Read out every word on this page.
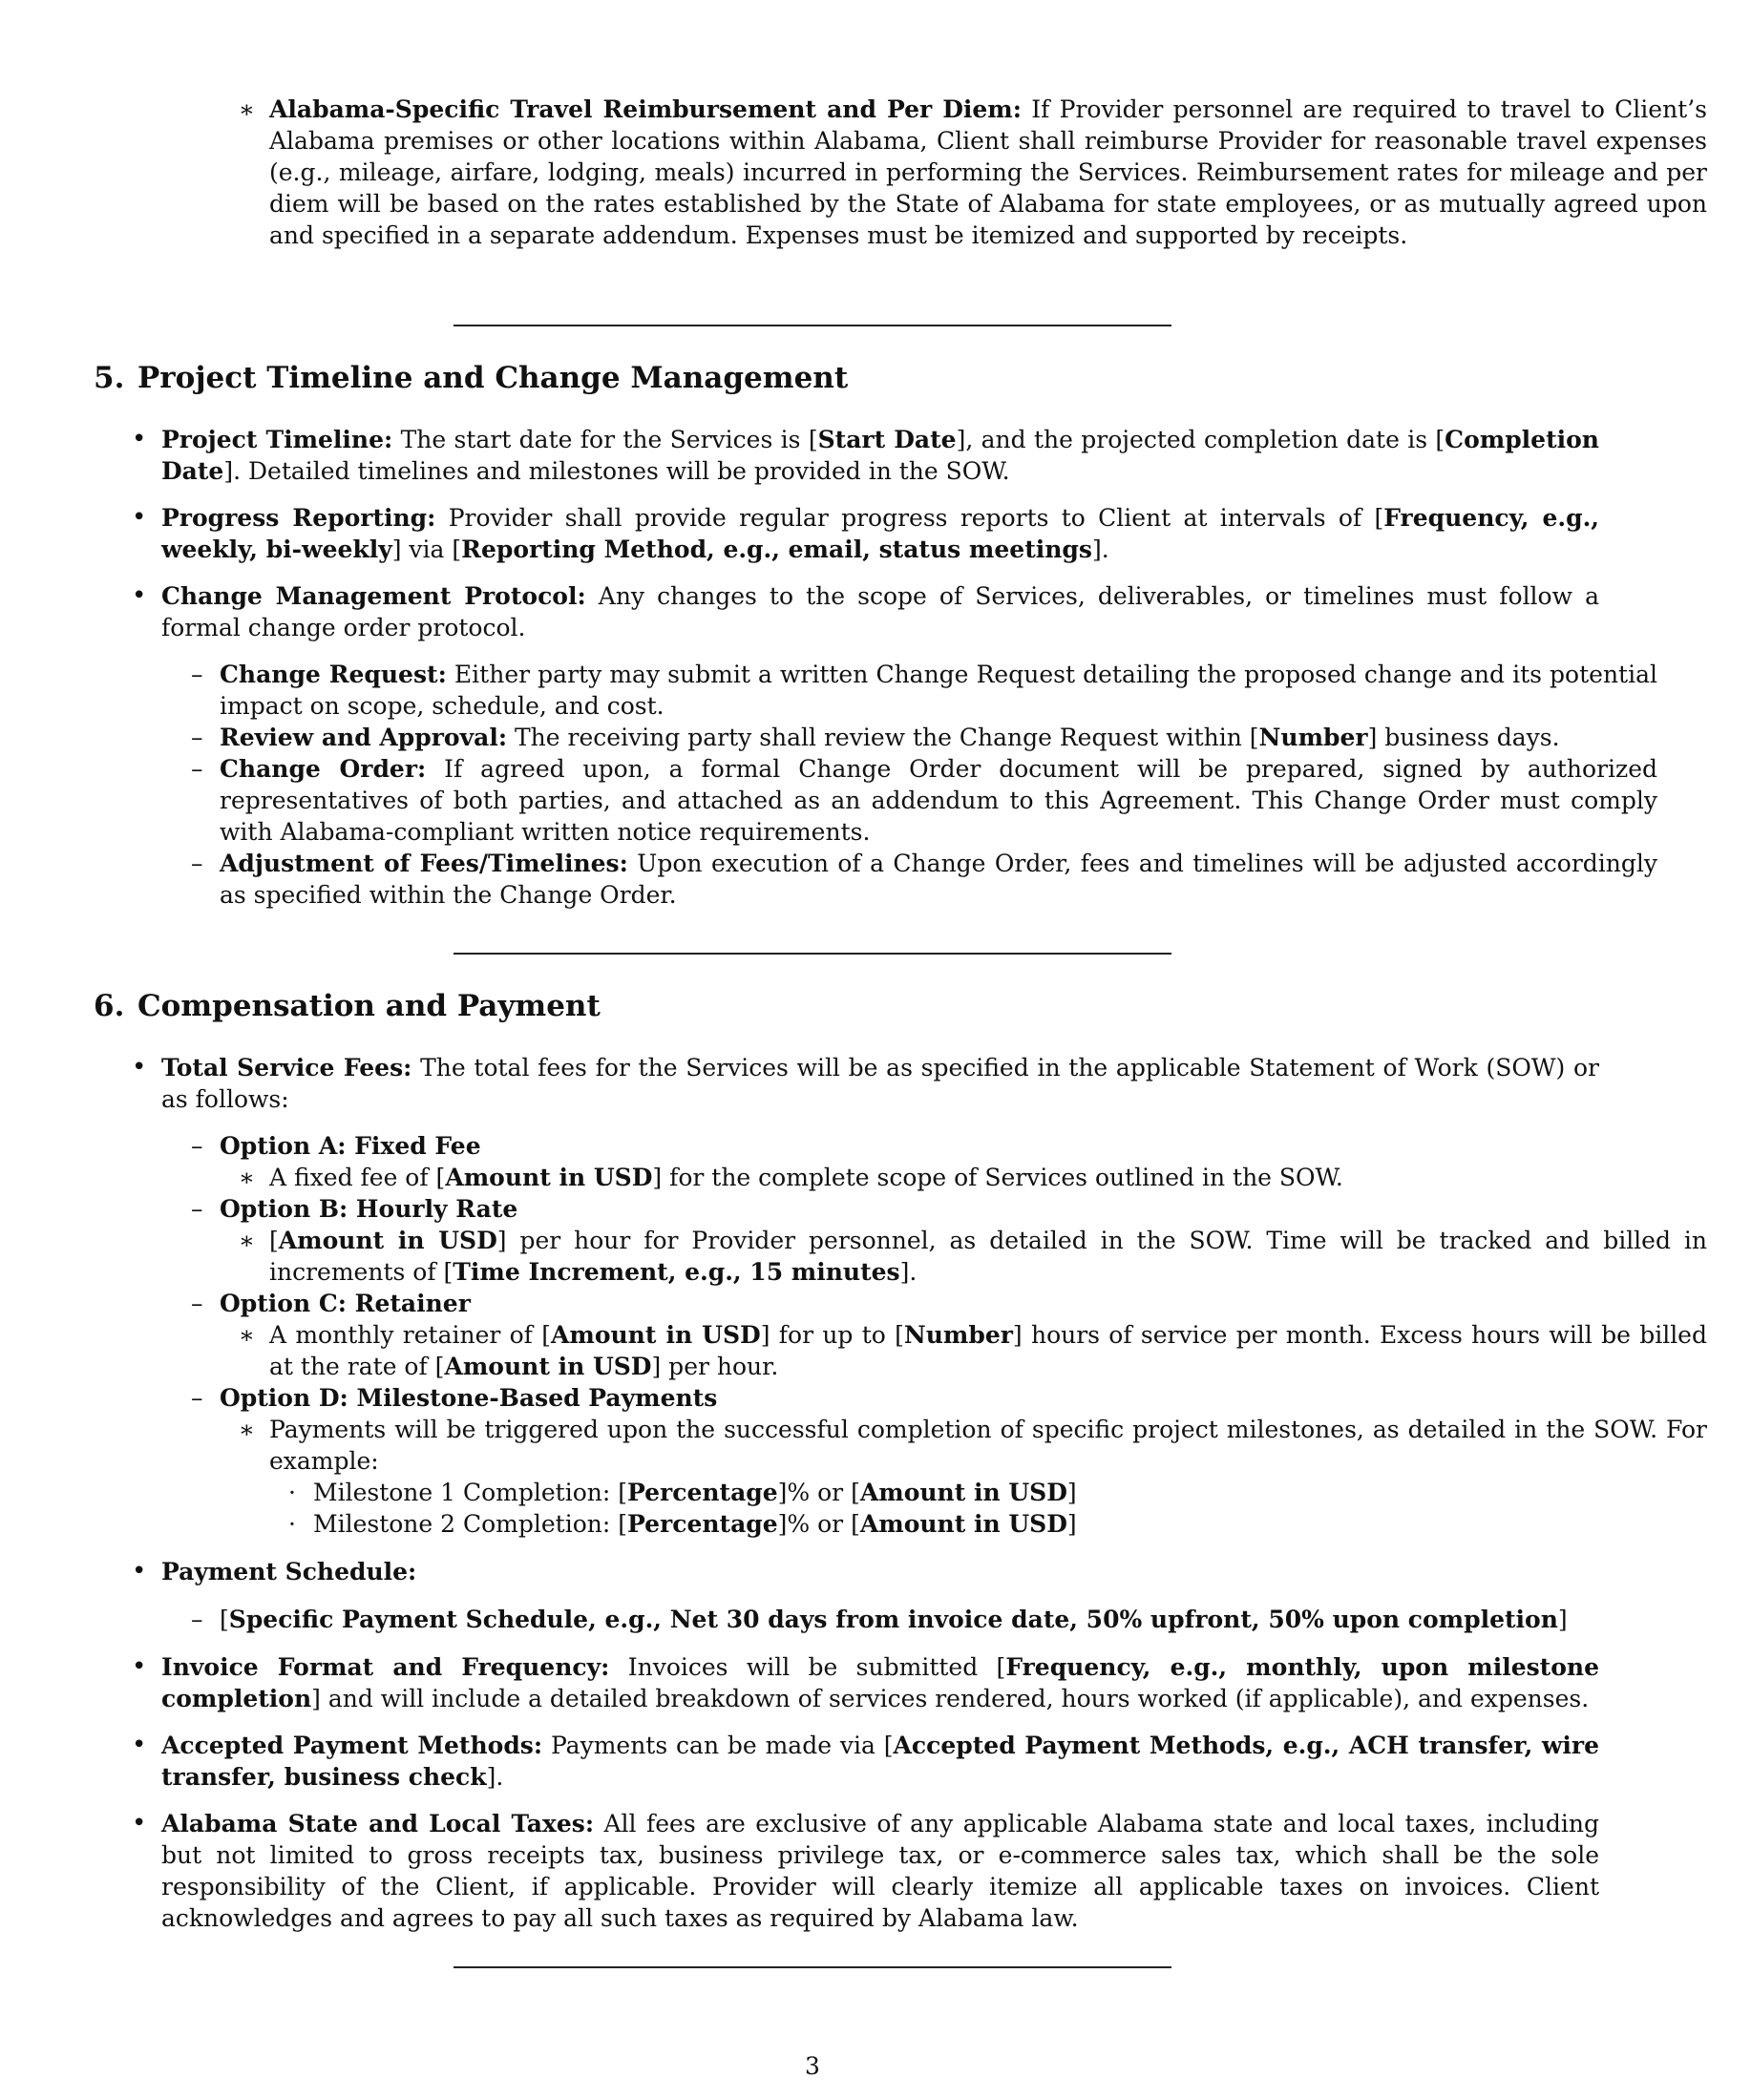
∗ Alabama-Specific Travel Reimbursement and Per Diem: If Provider personnel are required to travel to Client’s Alabama premises or other locations within Alabama, Client shall reimburse Provider for reasonable travel expenses (e.g., mileage, airfare, lodging, meals) incurred in performing the Services. Reimbursement rates for mileage and per diem will be based on the rates established by the State of Alabama for state employees, or as mutually agreed upon and specified in a separate addendum. Expenses must be itemized and supported by receipts.

5. Project Timeline and Change Management
• Project Timeline: The start date for the Services is [Start Date], and the projected completion date is [Completion Date]. Detailed timelines and milestones will be provided in the SOW.

• Progress Reporting: Provider shall provide regular progress reports to Client at intervals of [Frequency, e.g., weekly, bi-weekly] via [Reporting Method, e.g., email, status meetings].

• Change Management Protocol: Any changes to the scope of Services, deliverables, or timelines must follow a formal change order protocol.

– Change Request: Either party may submit a written Change Request detailing the proposed change and its potential impact on scope, schedule, and cost.

– Review and Approval: The receiving party shall review the Change Request within [Number] business days.

– Change Order: If agreed upon, a formal Change Order document will be prepared, signed by authorized representatives of both parties, and attached as an addendum to this Agreement. This Change Order must comply with Alabama-compliant written notice requirements.

– Adjustment of Fees/Timelines: Upon execution of a Change Order, fees and timelines will be adjusted accordingly as specified within the Change Order.

6. Compensation and Payment
• Total Service Fees: The total fees for the Services will be as specified in the applicable Statement of Work (SOW) or as follows:

– Option A: Fixed Fee

∗ A fixed fee of [Amount in USD] for the complete scope of Services outlined in the SOW.

– Option B: Hourly Rate

∗ [Amount in USD] per hour for Provider personnel, as detailed in the SOW. Time will be tracked and billed in increments of [Time Increment, e.g., 15 minutes].

– Option C: Retainer

∗ A monthly retainer of [Amount in USD] for up to [Number] hours of service per month. Excess hours will be billed at the rate of [Amount in USD] per hour.

– Option D: Milestone-Based Payments

∗ Payments will be triggered upon the successful completion of specific project milestones, as detailed in the SOW. For example:

· Milestone 1 Completion: [Percentage]% or [Amount in USD]

· Milestone 2 Completion: [Percentage]% or [Amount in USD]

• Payment Schedule:

– [Specific Payment Schedule, e.g., Net 30 days from invoice date, 50% upfront, 50% upon completion]

• Invoice Format and Frequency: Invoices will be submitted [Frequency, e.g., monthly, upon milestone completion] and will include a detailed breakdown of services rendered, hours worked (if applicable), and expenses.

• Accepted Payment Methods: Payments can be made via [Accepted Payment Methods, e.g., ACH transfer, wire transfer, business check].

• Alabama State and Local Taxes: All fees are exclusive of any applicable Alabama state and local taxes, including but not limited to gross receipts tax, business privilege tax, or e-commerce sales tax, which shall be the sole responsibility of the Client, if applicable. Provider will clearly itemize all applicable taxes on invoices. Client acknowledges and agrees to pay all such taxes as required by Alabama law.

3
